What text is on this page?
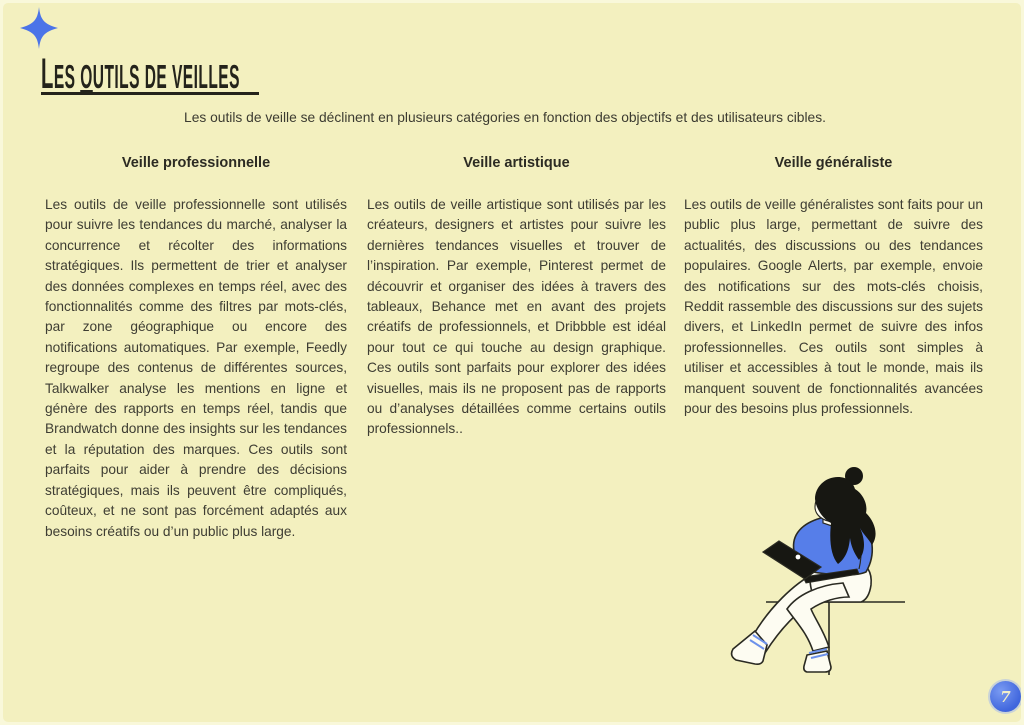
LES OUTILS DE VEILLES
Les outils de veille se déclinent en plusieurs catégories en fonction des objectifs et des utilisateurs cibles.
Veille professionnelle

Les outils de veille professionnelle sont utilisés pour suivre les tendances du marché, analyser la concurrence et récolter des informations stratégiques. Ils permettent de trier et analyser des données complexes en temps réel, avec des fonctionnalités comme des filtres par mots-clés, par zone géographique ou encore des notifications automatiques. Par exemple, Feedly regroupe des contenus de différentes sources, Talkwalker analyse les mentions en ligne et génère des rapports en temps réel, tandis que Brandwatch donne des insights sur les tendances et la réputation des marques. Ces outils sont parfaits pour aider à prendre des décisions stratégiques, mais ils peuvent être compliqués, coûteux, et ne sont pas forcément adaptés aux besoins créatifs ou d’un public plus large.

Veille artistique

Les outils de veille artistique sont utilisés par les créateurs, designers et artistes pour suivre les dernières tendances visuelles et trouver de l’inspiration. Par exemple, Pinterest permet de découvrir et organiser des idées à travers des tableaux, Behance met en avant des projets créatifs de professionnels, et Dribbble est idéal pour tout ce qui touche au design graphique. Ces outils sont parfaits pour explorer des idées visuelles, mais ils ne proposent pas de rapports ou d’analyses détaillées comme certains outils professionnels..

Veille généraliste

Les outils de veille généralistes sont faits pour un public plus large, permettant de suivre des actualités, des discussions ou des tendances populaires. Google Alerts, par exemple, envoie des notifications sur des mots-clés choisis, Reddit rassemble des discussions sur des sujets divers, et LinkedIn permet de suivre des infos professionnelles. Ces outils sont simples à utiliser et accessibles à tout le monde, mais ils manquent souvent de fonctionnalités avancées pour des besoins plus professionnels.

7
